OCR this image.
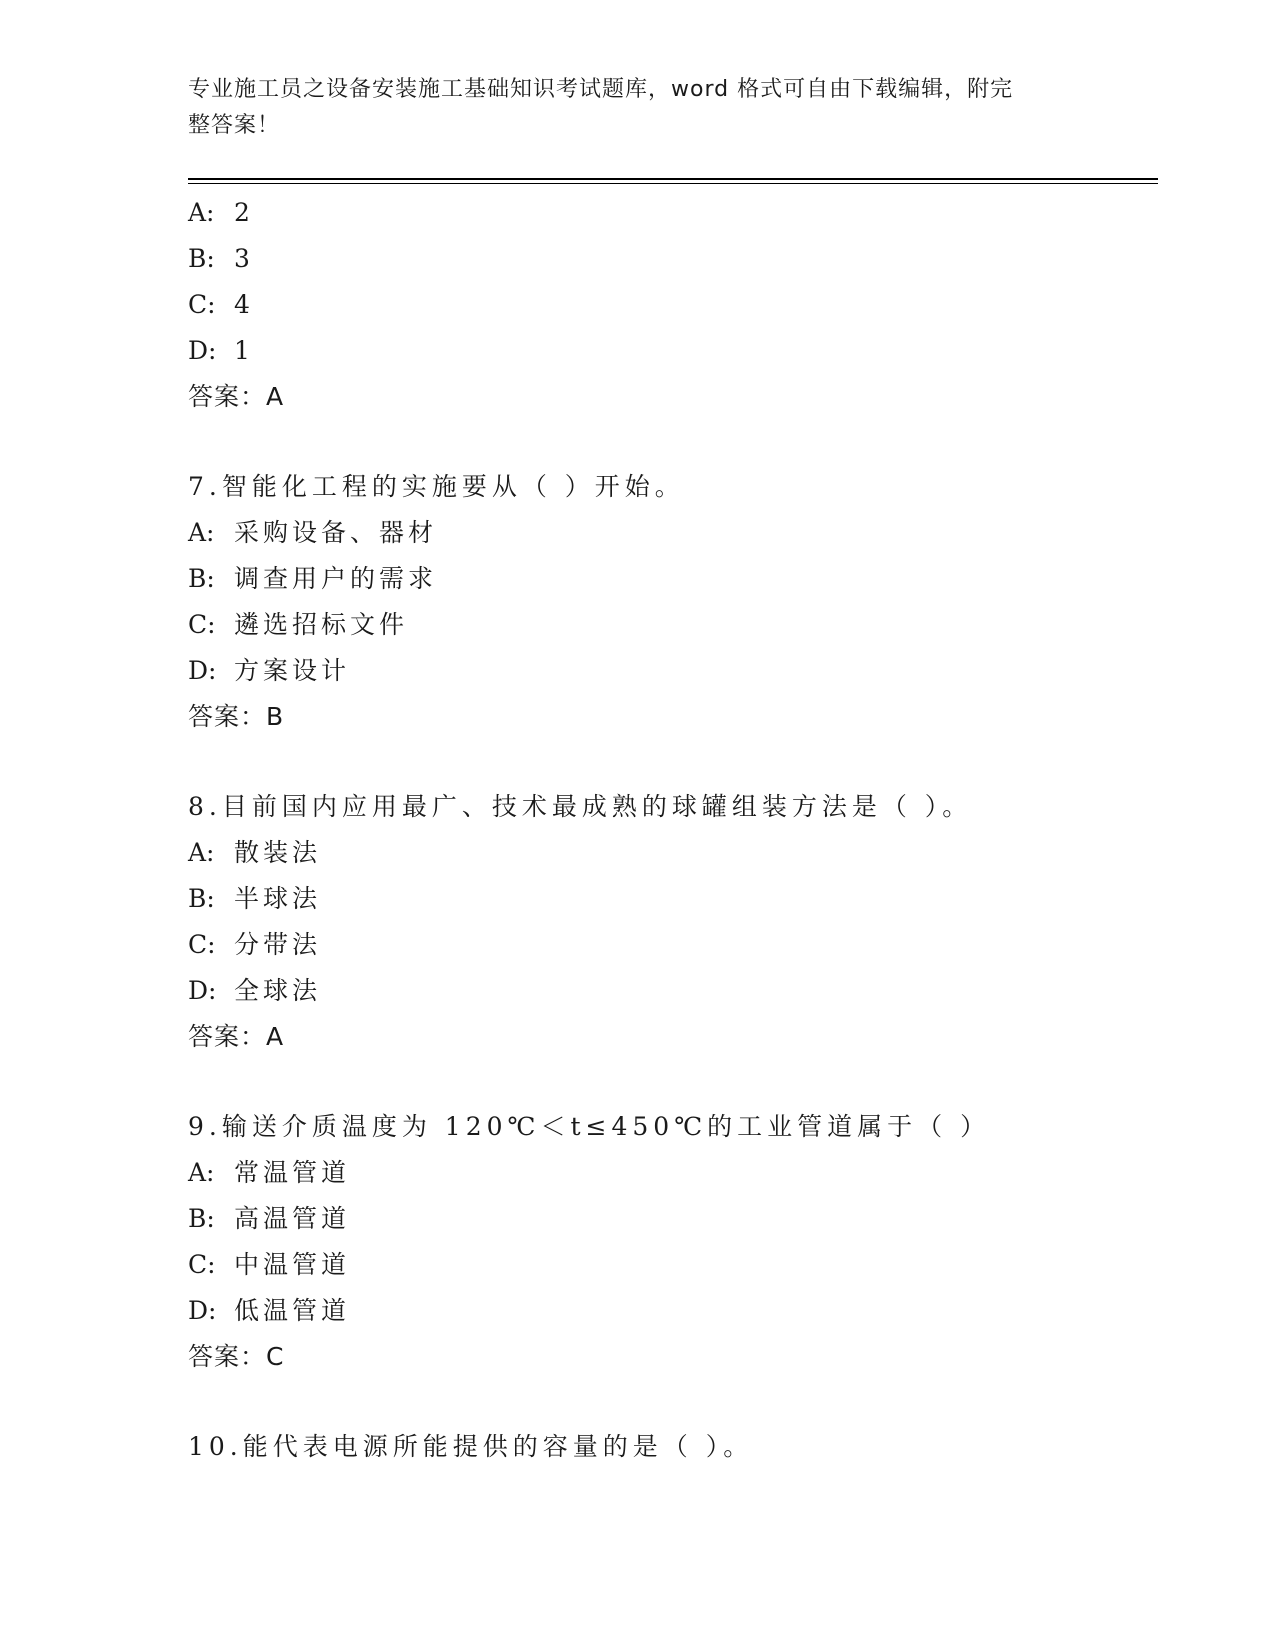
专业施工员之设备安装施工基础知识考试题库，word 格式可自由下载编辑，附完
整答案！
A: 2
B: 3
C: 4
D: 1
答案：A
7.智能化工程的实施要从（ ）开始。
A: 采购设备、器材
B: 调查用户的需求
C: 遴选招标文件
D: 方案设计
答案：B
8.目前国内应用最广、技术最成熟的球罐组装方法是（ ）。
A: 散装法
B: 半球法
C: 分带法
D: 全球法
答案：A
9.输送介质温度为 120℃＜t≤450℃的工业管道属于（ ）
A: 常温管道
B: 高温管道
C: 中温管道
D: 低温管道
答案：C
10.能代表电源所能提供的容量的是（ ）。
